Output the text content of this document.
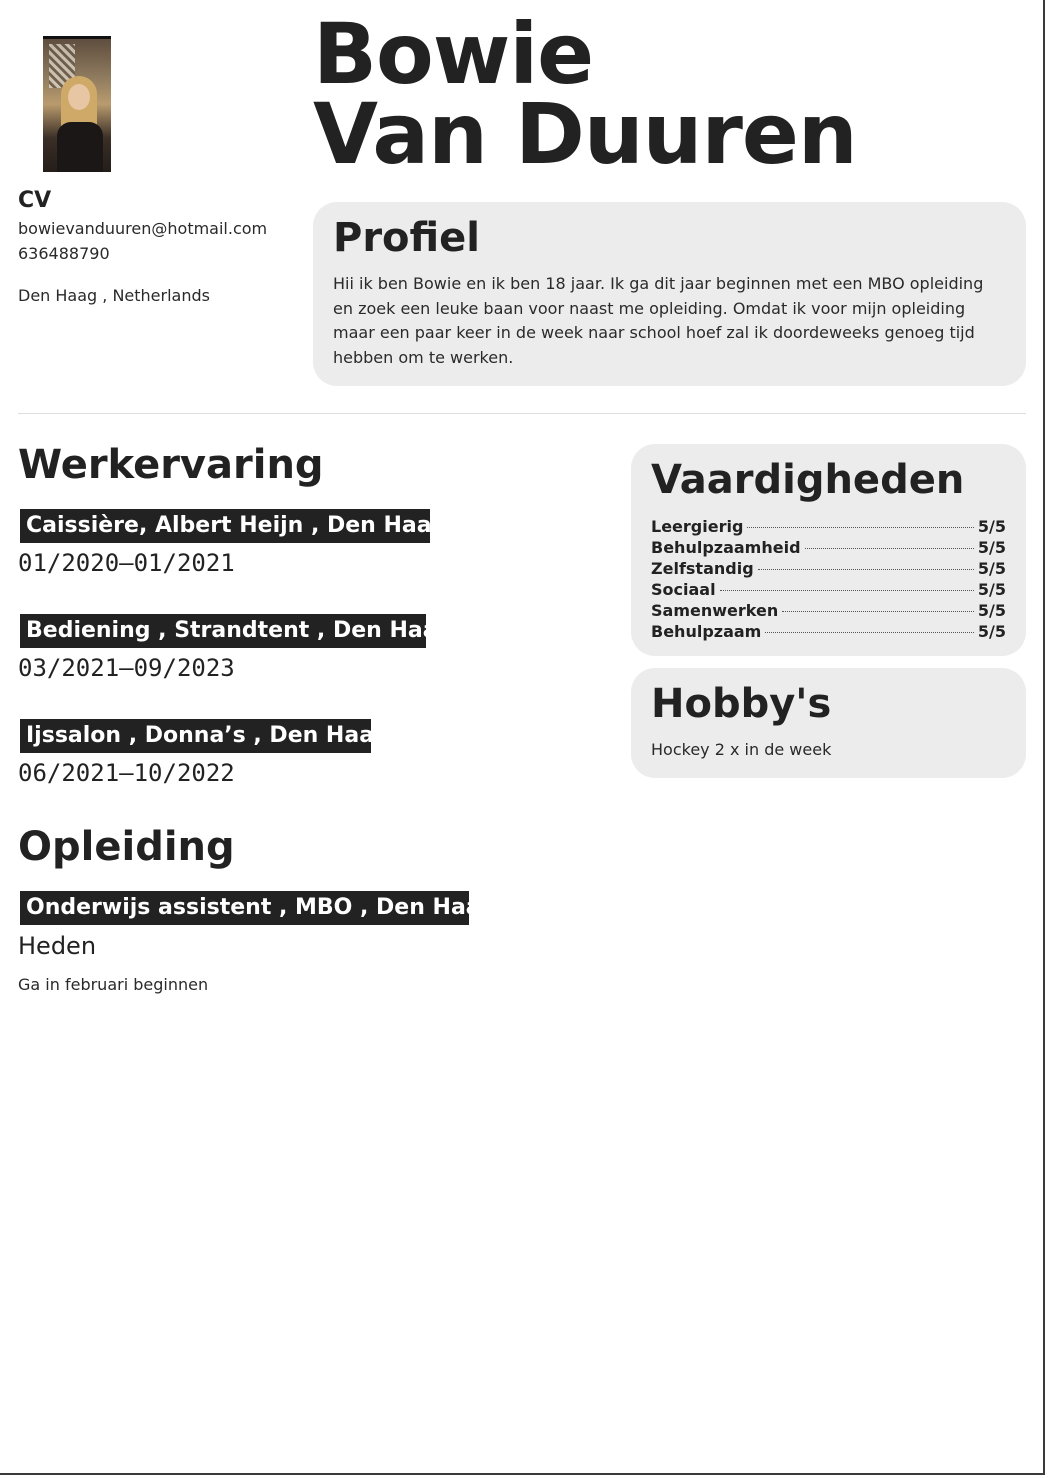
CV
bowievanduuren@hotmail.com
636488790
Den Haag , Netherlands
Bowie
Van Duuren
Profiel

Hii ik ben Bowie en ik ben 18 jaar. Ik ga dit jaar beginnen met een MBO opleiding en zoek een leuke baan voor naast me opleiding. Omdat ik voor mijn opleiding maar een paar keer in de week naar school hoef zal ik doordeweeks genoeg tijd hebben om te werken.

Werkervaring
Caissière, Albert Heijn , Den Haag
01/2020—01/2021
Bediening , Strandtent , Den Haag
03/2021—09/2023
Ijssalon , Donna’s , Den Haag
06/2021—10/2022
Opleiding
Onderwijs assistent , MBO , Den Haag
Heden
Ga in februari beginnen
Vaardigheden
Leergierig	5/5
Behulpzaamheid	5/5
Zelfstandig	5/5
Sociaal	5/5
Samenwerken	5/5
Behulpzaam	5/5
Hobby's

Hockey 2 x in de week
